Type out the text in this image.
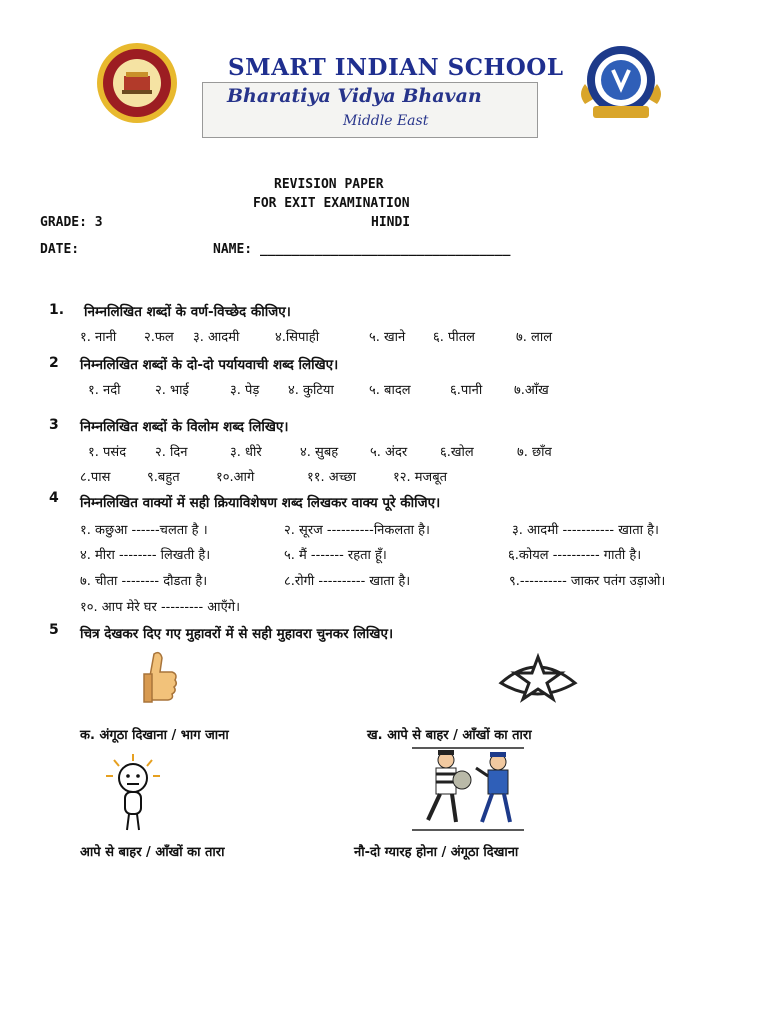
SMART INDIAN SCHOOL
Bharatiya Vidya Bhavan
Middle East
REVISION PAPER
FOR EXIT EXAMINATION
GRADE: 3	HINDI
DATE:	NAME: ________________________________
1. निम्नलिखित शब्दों के वर्ण-विच्छेद कीजिए।
१. नानी २.फल ३. आदमी	४.सिपाही	५. खाने ६. पीतल	७. लाल
2 निम्नलिखित शब्दों के दो-दो पर्यायवाची शब्द लिखिए।
१. नदी	२. भाई	३. पेड़ ४. कुटिया	५. बादल	६.पानी ७.आँख
3 निम्नलिखित शब्दों के विलोम शब्द लिखिए।
१. पसंद २. दिन	३. धीरे	४. सुबह ५. अंदर	६.खोल	७. छाँव
८.पास	९.बहुत	१०.आगे	११. अच्छा	१२. मजबूत
4 निम्नलिखित वाक्यों में सही क्रियाविशेषण शब्द लिखकर वाक्य पूरे कीजिए।
१. कछुआ ------चलता है ।	२. सूरज ----------निकलता है।	३. आदमी ----------- खाता है।
४. मीरा -------- लिखती है।	५. मैं ------- रहता हूँ।	६.कोयल ---------- गाती है।
७. चीता -------- दौडता है।	८.रोगी ---------- खाता है।	९.---------- जाकर पतंग उड़ाओ।
१०. आप मेरे घर --------- आएँगे।
5 चित्र देखकर दिए गए मुहावरों में से सही मुहावरा चुनकर लिखिए।
क. अंगूठा दिखाना / भाग जाना	ख. आपे से बाहर / आँखों का तारा
आपे से बाहर / आँखों का तारा	नौ-दो ग्यारह होना / अंगूठा दिखाना
